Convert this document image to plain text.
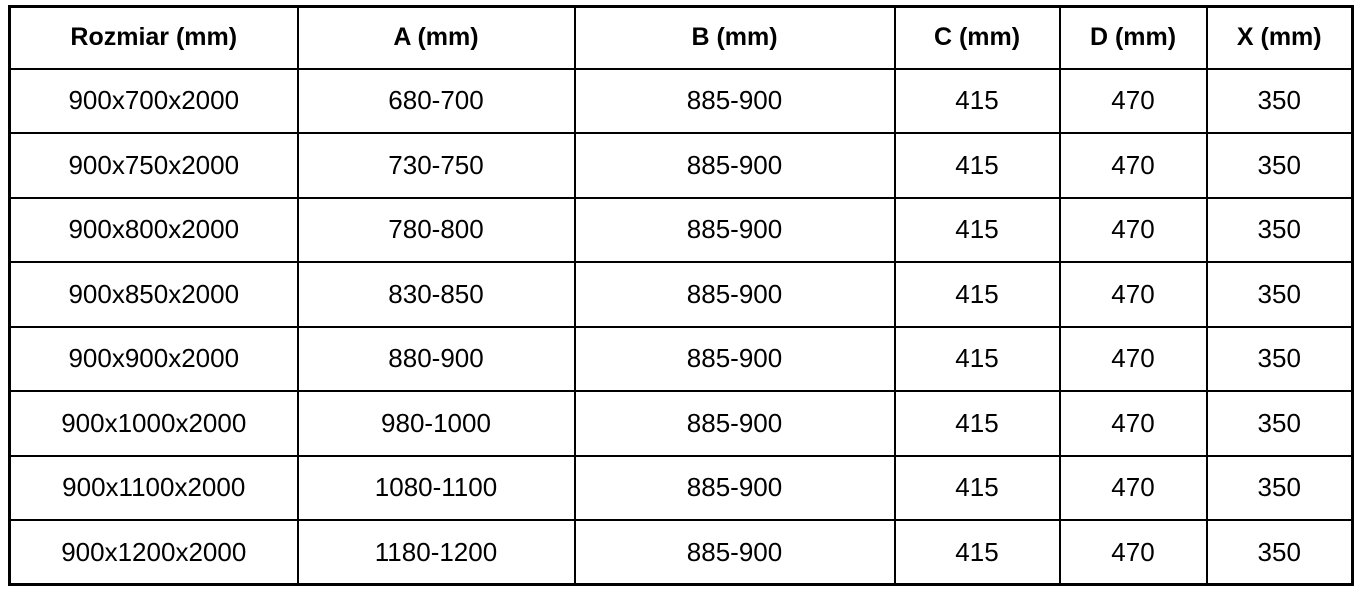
Rozmiar (mm)	A (mm)	B (mm)	C (mm)	D (mm)	X (mm)
900x700x2000	680-700	885-900	415	470	350
900x750x2000	730-750	885-900	415	470	350
900x800x2000	780-800	885-900	415	470	350
900x850x2000	830-850	885-900	415	470	350
900x900x2000	880-900	885-900	415	470	350
900x1000x2000	980-1000	885-900	415	470	350
900x1100x2000	1080-1100	885-900	415	470	350
900x1200x2000	1180-1200	885-900	415	470	350
